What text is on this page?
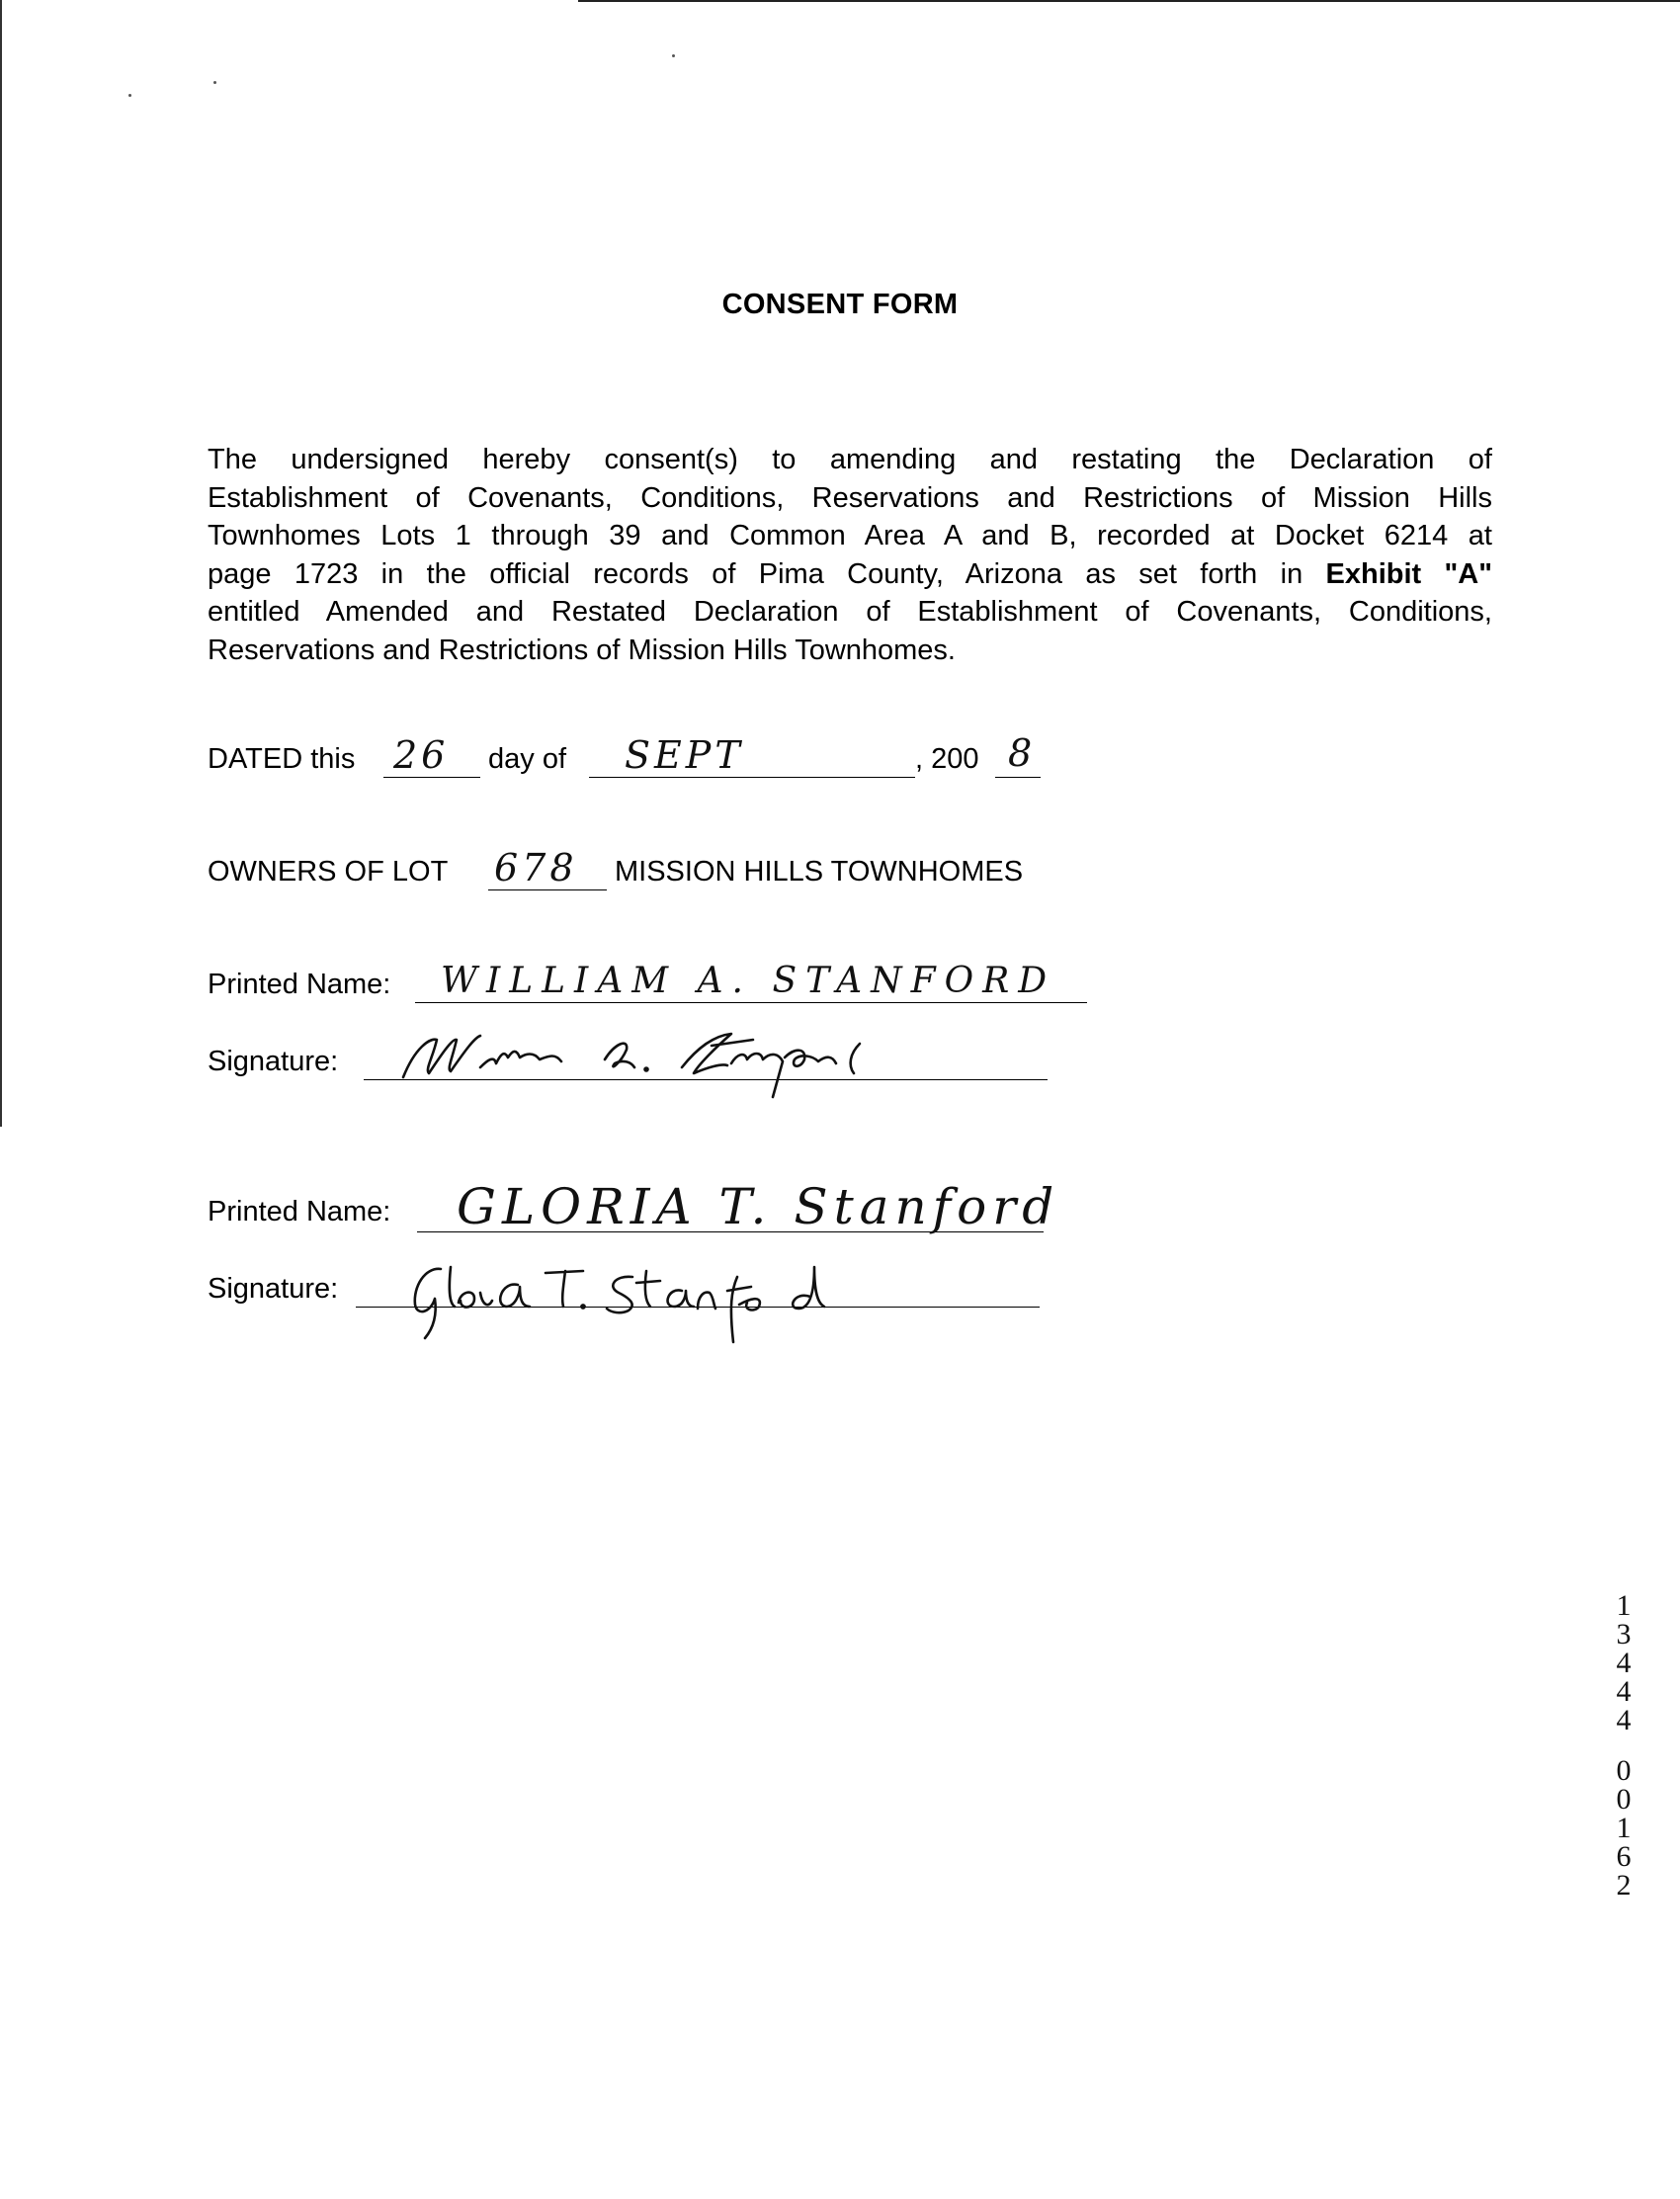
CONSENT FORM
The undersigned hereby consent(s) to amending and restating the Declaration of
Establishment of Covenants, Conditions, Reservations and Restrictions of Mission Hills
Townhomes Lots 1 through 39 and Common Area A and B, recorded at Docket 6214 at
page 1723 in the official records of Pima County, Arizona as set forth in Exhibit "A"
entitled Amended and Restated Declaration of Establishment of Covenants, Conditions,
Reservations and Restrictions of Mission Hills Townhomes.
DATED this 26 day of SEPT	, 200 8
OWNERS OF LOT 678 MISSION HILLS TOWNHOMES
Printed Name: WILLIAM A. STANFORD
Signature:
Printed Name: GLORIA T. Stanford
Signature:
1
3
4
4
4
0
0
1
6
2
